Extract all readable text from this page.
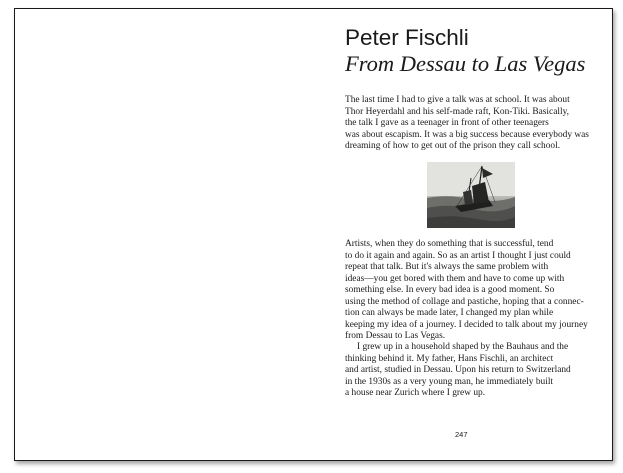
Peter Fischli
From Dessau to Las Vegas

The last time I had to give a talk was at school. It was about
Thor Heyerdahl and his self-made raft, Kon-Tiki. Basically,
the talk I gave as a teenager in front of other teenagers
was about escapism. It was a big success because everybody was
dreaming of how to get out of the prison they call school.

Artists, when they do something that is successful, tend
to do it again and again. So as an artist I thought I just could
repeat that talk. But it's always the same problem with
ideas—you get bored with them and have to come up with
something else. In every bad idea is a good moment. So
using the method of collage and pastiche, hoping that a connec-
tion can always be made later, I changed my plan while
keeping my idea of a journey. I decided to talk about my journey
from Dessau to Las Vegas.

I grew up in a household shaped by the Bauhaus and the
thinking behind it. My father, Hans Fischli, an architect
and artist, studied in Dessau. Upon his return to Switzerland
in the 1930s as a very young man, he immediately built
a house near Zurich where I grew up.

247
